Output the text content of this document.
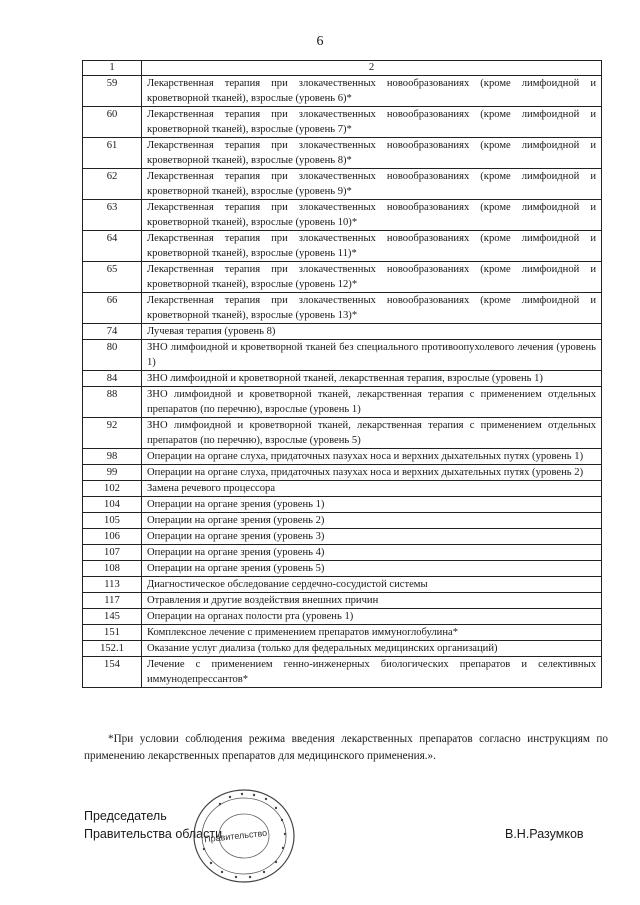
6
1	2
59	Лекарственная терапия при злокачественных новообразованиях (кроме лимфоидной и кроветворной тканей), взрослые (уровень 6)*
60	Лекарственная терапия при злокачественных новообразованиях (кроме лимфоидной и кроветворной тканей), взрослые (уровень 7)*
61	Лекарственная терапия при злокачественных новообразованиях (кроме лимфоидной и кроветворной тканей), взрослые (уровень 8)*
62	Лекарственная терапия при злокачественных новообразованиях (кроме лимфоидной и кроветворной тканей), взрослые (уровень 9)*
63	Лекарственная терапия при злокачественных новообразованиях (кроме лимфоидной и кроветворной тканей), взрослые (уровень 10)*
64	Лекарственная терапия при злокачественных новообразованиях (кроме лимфоидной и кроветворной тканей), взрослые (уровень 11)*
65	Лекарственная терапия при злокачественных новообразованиях (кроме лимфоидной и кроветворной тканей), взрослые (уровень 12)*
66	Лекарственная терапия при злокачественных новообразованиях (кроме лимфоидной и кроветворной тканей), взрослые (уровень 13)*
74	Лучевая терапия (уровень 8)
80	ЗНО лимфоидной и кроветворной тканей без специального противоопухолевого лечения (уровень 1)
84	ЗНО лимфоидной и кроветворной тканей, лекарственная терапия, взрослые (уровень 1)
88	ЗНО лимфоидной и кроветворной тканей, лекарственная терапия с применением отдельных препаратов (по перечню), взрослые (уровень 1)
92	ЗНО лимфоидной и кроветворной тканей, лекарственная терапия с применением отдельных препаратов (по перечню), взрослые (уровень 5)
98	Операции на органе слуха, придаточных пазухах носа и верхних дыхательных путях (уровень 1)
99	Операции на органе слуха, придаточных пазухах носа и верхних дыхательных путях (уровень 2)
102	Замена речевого процессора
104	Операции на органе зрения (уровень 1)
105	Операции на органе зрения (уровень 2)
106	Операции на органе зрения (уровень 3)
107	Операции на органе зрения (уровень 4)
108	Операции на органе зрения (уровень 5)
113	Диагностическое обследование сердечно-сосудистой системы
117	Отравления и другие воздействия внешних причин
145	Операции на органах полости рта (уровень 1)
151	Комплексное лечение с применением препаратов иммуноглобулина*
152.1	Оказание услуг диализа (только для федеральных медицинских организаций)
154	Лечение с применением генно-инженерных биологических препаратов и селективных иммунодепрессантов*
*При условии соблюдения режима введения лекарственных препаратов согласно инструкциям по применению лекарственных препаратов для медицинского применения.».
Председатель
Правительства области
Правительство	В.Н.Разумков
